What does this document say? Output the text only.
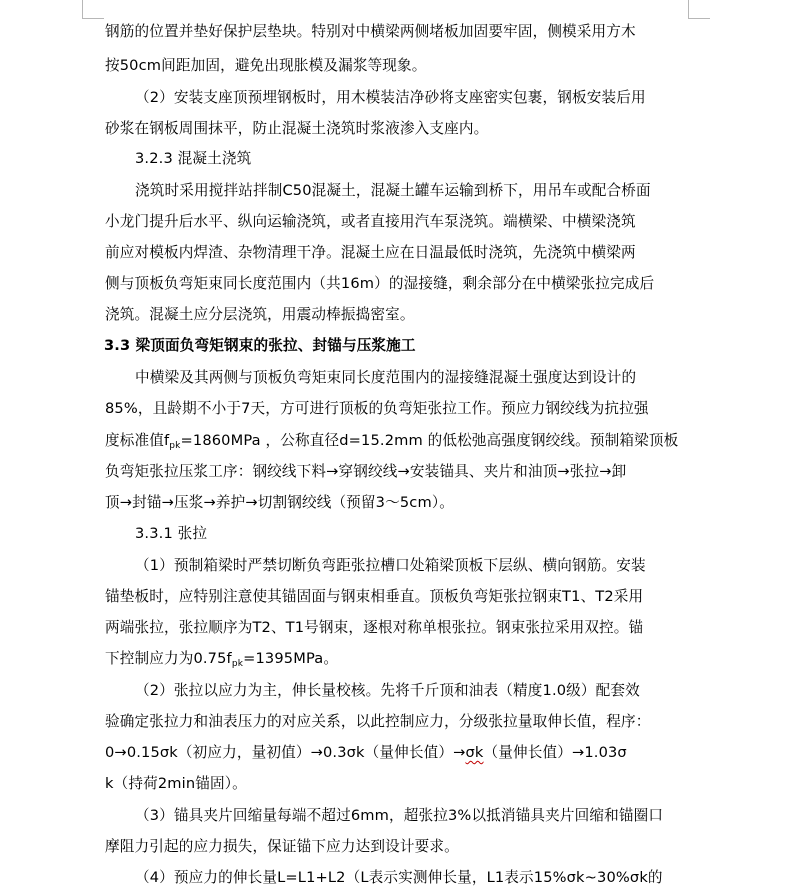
钢筋的位置并垫好保护层垫块。特别对中横梁两侧堵板加固要牢固，侧模采用方木
按50cm间距加固，避免出现胀模及漏浆等现象。
（2）安装支座顶预埋钢板时，用木模装洁净砂将支座密实包裹，钢板安装后用
砂浆在钢板周围抹平，防止混凝土浇筑时浆液渗入支座内。
3.2.3 混凝土浇筑
浇筑时采用搅拌站拌制C50混凝土，混凝土罐车运输到桥下，用吊车或配合桥面
小龙门提升后水平、纵向运输浇筑，或者直接用汽车泵浇筑。端横梁、中横梁浇筑
前应对模板内焊渣、杂物清理干净。混凝土应在日温最低时浇筑，先浇筑中横梁两
侧与顶板负弯矩束同长度范围内（共16m）的湿接缝，剩余部分在中横梁张拉完成后
浇筑。混凝土应分层浇筑，用震动棒振捣密室。
3.3 梁顶面负弯矩钢束的张拉、封锚与压浆施工
中横梁及其两侧与顶板负弯矩束同长度范围内的湿接缝混凝土强度达到设计的
85%，且龄期不小于7天，方可进行顶板的负弯矩张拉工作。预应力钢绞线为抗拉强
度标准值$f_{pk}=1860MPa$ ，公称直径d=15.2mm 的低松弛高强度钢绞线。预制箱梁顶板
负弯矩张拉压浆工序：钢绞线下料→穿钢绞线→安装锚具、夹片和油顶→张拉→卸
顶→封锚→压浆→养护→切割钢绞线（预留3～5cm）。
3.3.1 张拉
（1）预制箱梁时严禁切断负弯距张拉槽口处箱梁顶板下层纵、横向钢筋。安装
锚垫板时，应特别注意使其锚固面与钢束相垂直。顶板负弯矩张拉钢束T1、T2采用
两端张拉，张拉顺序为T2、T1号钢束，逐根对称单根张拉。钢束张拉采用双控。锚
下控制应力为$0.75f_{pk}=1395MPa$。
（2）张拉以应力为主，伸长量校核。先将千斤顶和油表（精度1.0级）配套效
验确定张拉力和油表压力的对应关系，以此控制应力，分级张拉量取伸长值，程序：
0→0.15σk（初应力，量初值）→0.3σk（量伸长值）→σk（量伸长值）→1.03σ
k（持荷2min锚固）。
（3）锚具夹片回缩量每端不超过6mm，超张拉3%以抵消锚具夹片回缩和锚圈口
摩阻力引起的应力损失，保证锚下应力达到设计要求。
（4）预应力的伸长量L=L1+L2（L表示实测伸长量，L1表示15%σk~30%σk的
